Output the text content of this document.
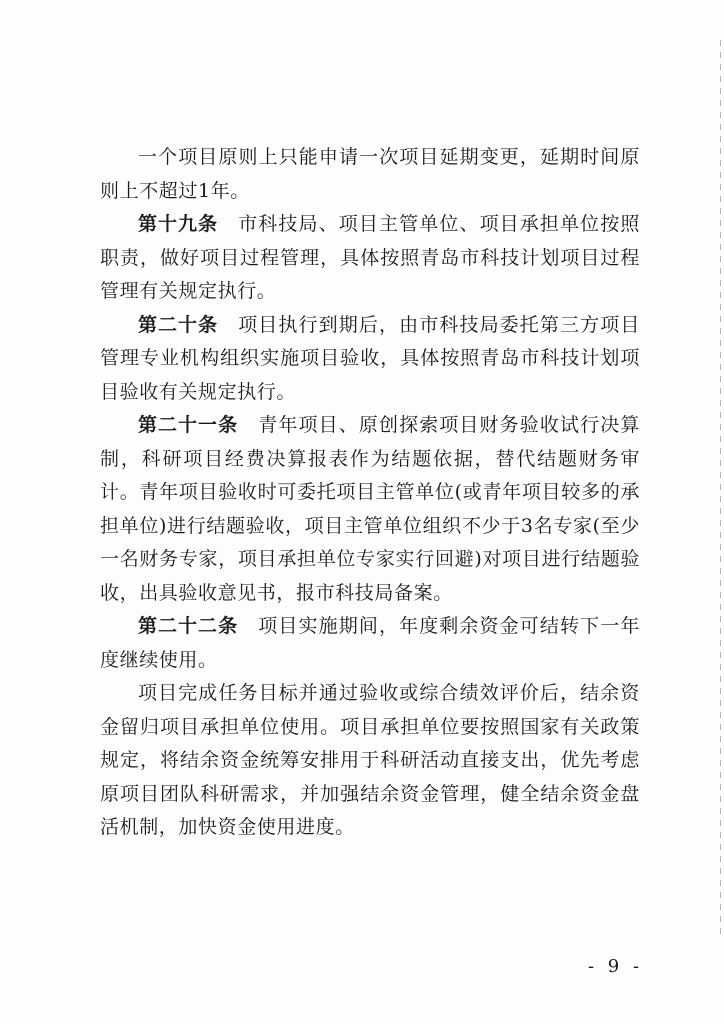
一个项目原则上只能申请一次项目延期变更，延期时间原则上不超过1年。

第十九条　 市科技局、项目主管单位、项目承担单位按照职责，做好项目过程管理，具体按照青岛市科技计划项目过程管理有关规定执行。

第二十条　 项目执行到期后，由市科技局委托第三方项目管理专业机构组织实施项目验收，具体按照青岛市科技计划项目验收有关规定执行。

第二十一条　 青年项目、原创探索项目财务验收试行决算制，科研项目经费决算报表作为结题依据，替代结题财务审计。青年项目验收时可委托项目主管单位(或青年项目较多的承担单位)进行结题验收，项目主管单位组织不少于3名专家(至少一名财务专家，项目承担单位专家实行回避)对项目进行结题验收，出具验收意见书，报市科技局备案。

第二十二条　 项目实施期间，年度剩余资金可结转下一年度继续使用。

项目完成任务目标并通过验收或综合绩效评价后，结余资金留归项目承担单位使用。项目承担单位要按照国家有关政策规定，将结余资金统筹安排用于科研活动直接支出，优先考虑原项目团队科研需求，并加强结余资金管理，健全结余资金盘活机制，加快资金使用进度。

- 9 -
